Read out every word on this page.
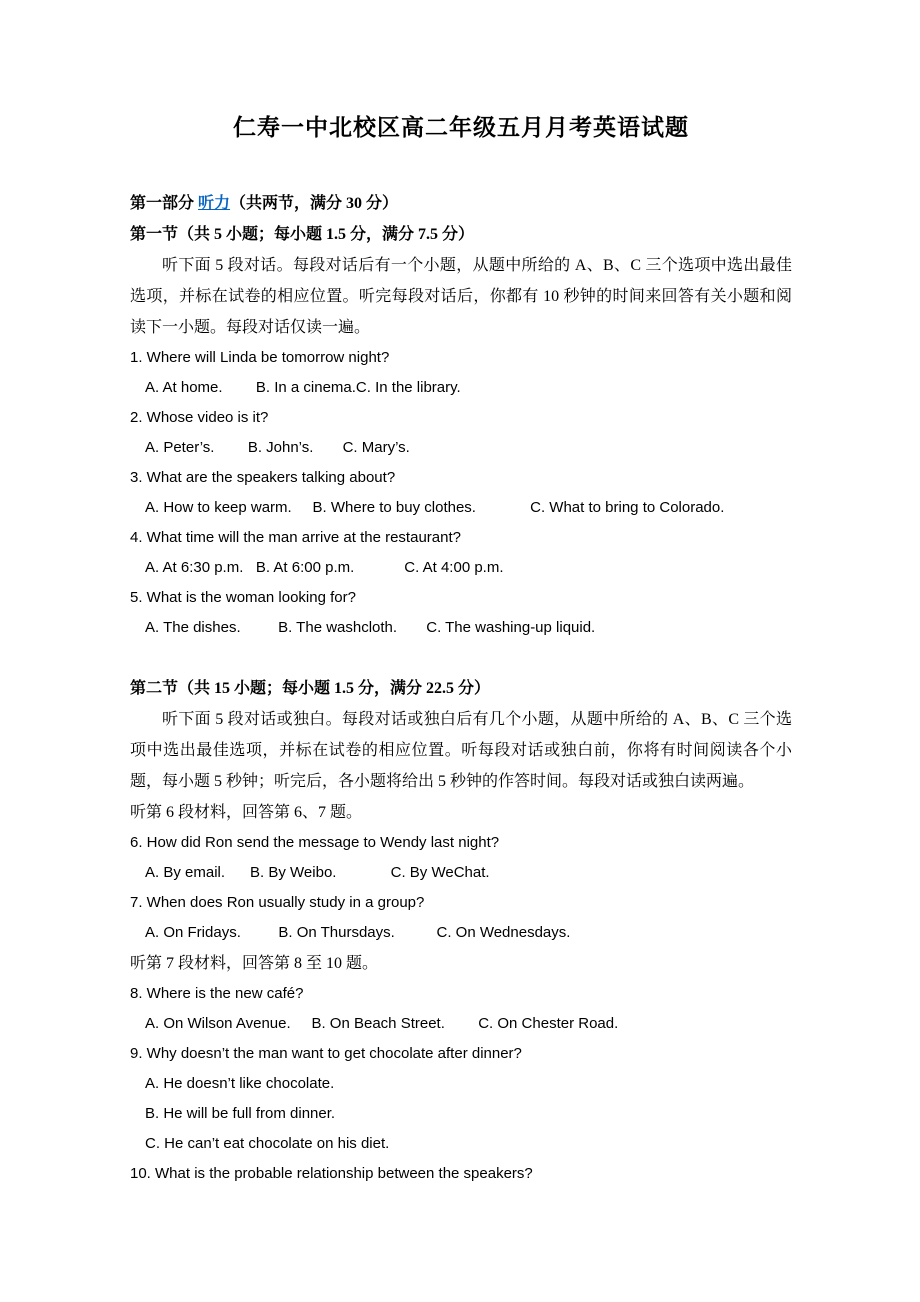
仁寿一中北校区高二年级五月月考英语试题
第一部分 听力（共两节，满分 30 分）
第一节（共 5 小题；每小题 1.5 分，满分 7.5 分）
听下面 5 段对话。每段对话后有一个小题，从题中所给的 A、B、C 三个选项中选出最佳选项，并标在试卷的相应位置。听完每段对话后，你都有 10 秒钟的时间来回答有关小题和阅读下一小题。每段对话仅读一遍。
1. Where will Linda be tomorrow night?
A. At home.        B. In a cinema.C. In the library.
2. Whose video is it?
A. Peter’s.        B. John’s.       C. Mary’s.
3. What are the speakers talking about?
A. How to keep warm.     B. Where to buy clothes.             C. What to bring to Colorado.
4. What time will the man arrive at the restaurant?
A. At 6:30 p.m.   B. At 6:00 p.m.            C. At 4:00 p.m.
5. What is the woman looking for?
A. The dishes.         B. The washcloth.       C. The washing-up liquid.
第二节（共 15 小题；每小题 1.5 分，满分 22.5 分）
听下面 5 段对话或独白。每段对话或独白后有几个小题，从题中所给的 A、B、C 三个选项中选出最佳选项，并标在试卷的相应位置。听每段对话或独白前，你将有时间阅读各个小题，每小题 5 秒钟；听完后，各小题将给出 5 秒钟的作答时间。每段对话或独白读两遍。
听第 6 段材料，回答第 6、7 题。
6. How did Ron send the message to Wendy last night?
A. By email.      B. By Weibo.             C. By WeChat.
7. When does Ron usually study in a group?
A. On Fridays.         B. On Thursdays.          C. On Wednesdays.
听第 7 段材料，回答第 8 至 10 题。
8. Where is the new café?
A. On Wilson Avenue.     B. On Beach Street.        C. On Chester Road.
9. Why doesn’t the man want to get chocolate after dinner?
A. He doesn’t like chocolate.
B. He will be full from dinner.
C. He can’t eat chocolate on his diet.
10. What is the probable relationship between the speakers?
